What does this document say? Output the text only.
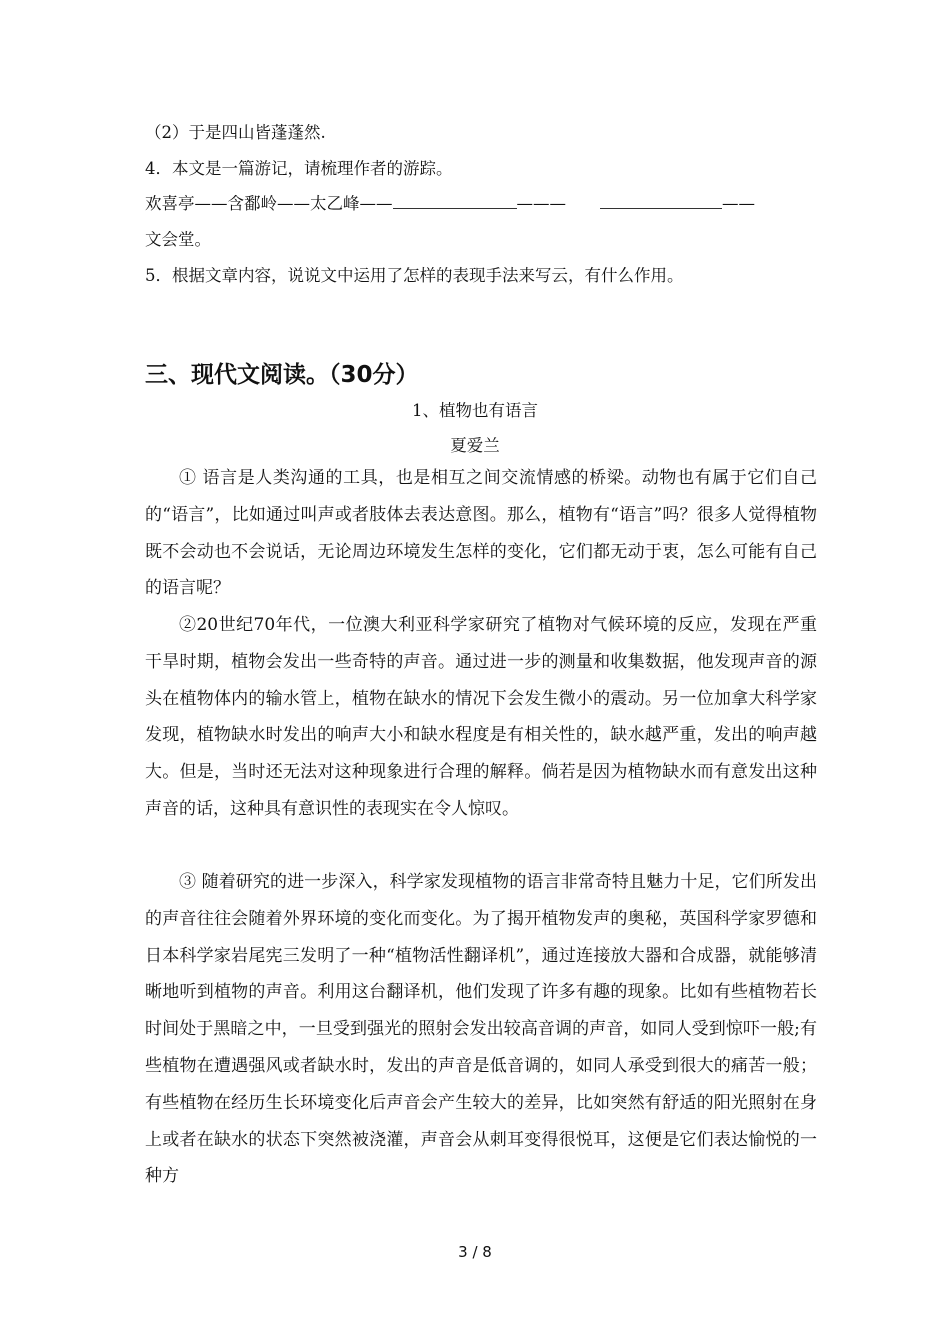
（2）于是四山皆蓬蓬然.
4．本文是一篇游记，请梳理作者的游踪。
欢喜亭——含鄱岭——太乙峰——	———	——
文会堂。
5．根据文章内容，说说文中运用了怎样的表现手法来写云，有什么作用。
三、现代文阅读。（30分）
1、植物也有语言
夏爱兰

① 语言是人类沟通的工具，也是相互之间交流情感的桥梁。动物也有属于它们自己的“语言”，比如通过叫声或者肢体去表达意图。那么，植物有“语言”吗？很多人觉得植物既不会动也不会说话，无论周边环境发生怎样的变化，它们都无动于衷，怎么可能有自己的语言呢？

②20世纪70年代，一位澳大利亚科学家研究了植物对气候环境的反应，发现在严重干旱时期，植物会发出一些奇特的声音。通过进一步的测量和收集数据，他发现声音的源头在植物体内的输水管上，植物在缺水的情况下会发生微小的震动。另一位加拿大科学家发现，植物缺水时发出的响声大小和缺水程度是有相关性的，缺水越严重，发出的响声越大。但是，当时还无法对这种现象进行合理的解释。倘若是因为植物缺水而有意发出这种声音的话，这种具有意识性的表现实在令人惊叹。

③ 随着研究的进一步深入，科学家发现植物的语言非常奇特且魅力十足，它们所发出的声音往往会随着外界环境的变化而变化。为了揭开植物发声的奥秘，英国科学家罗德和日本科学家岩尾宪三发明了一种“植物活性翻译机”，通过连接放大器和合成器，就能够清晰地听到植物的声音。利用这台翻译机，他们发现了许多有趣的现象。比如有些植物若长时间处于黑暗之中，一旦受到强光的照射会发出较高音调的声音，如同人受到惊吓一般;有些植物在遭遇强风或者缺水时，发出的声音是低音调的，如同人承受到很大的痛苦一般；有些植物在经历生长环境变化后声音会产生较大的差异，比如突然有舒适的阳光照射在身上或者在缺水的状态下突然被浇灌，声音会从刺耳变得很悦耳，这便是它们表达愉悦的一种方

3 / 8
